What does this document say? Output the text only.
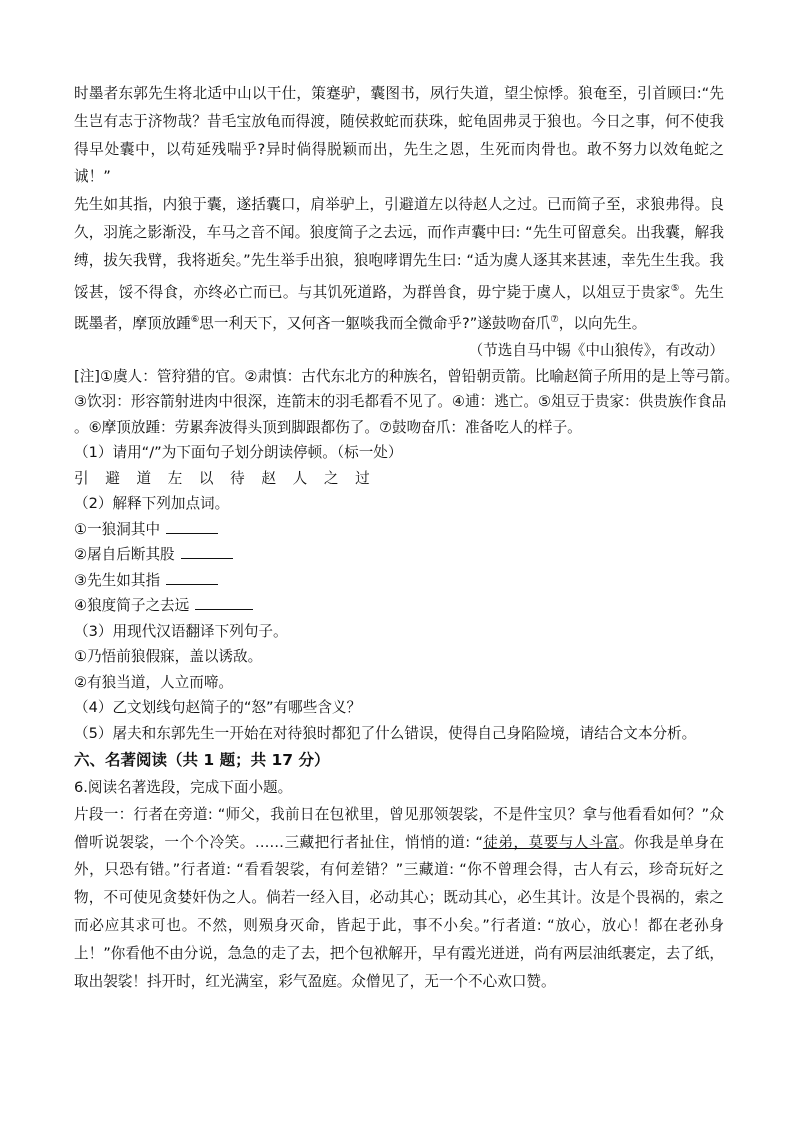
时墨者东郭先生将北适中山以干仕，策蹇驴，囊图书，夙行失道，望尘惊悸。狼奄至，引首顾曰:“先生岂有志于济物哉？昔毛宝放龟而得渡，随侯救蛇而获珠，蛇龟固弗灵于狼也。今日之事，何不使我得早处囊中，以苟延残喘乎?异时倘得脱颖而出，先生之恩，生死而肉骨也。敢不努力以效龟蛇之诚！”

先生如其指，内狼于囊，遂括囊口，肩举驴上，引避道左以待赵人之过。已而简子至，求狼弗得。良久，羽旄之影渐没，车马之音不闻。狼度简子之去远，而作声囊中曰: “先生可留意矣。出我囊，解我缚，拔矢我臂，我将逝矣。”先生举手出狼，狼咆哮谓先生曰: “适为虞人逐其来甚速，幸先生生我。我馁甚，馁不得食，亦终必亡而已。与其饥死道路，为群兽食，毋宁毙于虞人，以俎豆于贵家⑤。先生既墨者，摩顶放踵⑥思一利天下，又何吝一躯啖我而全微命乎?”遂鼓吻奋爪⑦，以向先生。

（节选自马中锡《中山狼传》，有改动）

[注]①虞人：管狩猎的官。②肃慎：古代东北方的种族名，曾铅朝贡箭。比喻赵简子所用的是上等弓箭。

③饮羽：形容箭射进肉中很深，连箭末的羽毛都看不见了。④逋：逃亡。⑤俎豆于贵家：供贵族作食品

。⑥摩顶放踵：劳累奔波得头顶到脚跟都伤了。⑦鼓吻奋爪：准备吃人的样子。

（1）请用“/”为下面句子划分朗读停顿。（标一处）

引 避 道 左 以 待 赵 人 之 过

（2）解释下列加点词。

①一狼洞其中

②屠自后断其股

③先生如其指

④狼度简子之去远

（3）用现代汉语翻译下列句子。

①乃悟前狼假寐，盖以诱敌。

②有狼当道，人立而啼。

（4）乙文划线句赵简子的“怒”有哪些含义？

（5）屠夫和东郭先生一开始在对待狼时都犯了什么错误，使得自己身陷险境，请结合文本分析。

六、名著阅读（共 1 题；共 17 分）

6.阅读名著选段，完成下面小题。

片段一：行者在旁道: “师父，我前日在包袱里，曾见那领袈裟，不是件宝贝？拿与他看看如何？”众僧听说袈裟，一个个冷笑。……三藏把行者扯住，悄悄的道: “徒弟，莫要与人斗富。你我是单身在外，只恐有错。”行者道: “看看袈裟，有何差错？”三藏道: “你不曾理会得，古人有云，珍奇玩好之物，不可使见贪婪奸伪之人。倘若一经入目，必动其心；既动其心，必生其计。汝是个畏祸的，索之而必应其求可也。不然，则殒身灭命，皆起于此，事不小矣。”行者道: “放心，放心！都在老孙身上！”你看他不由分说，急急的走了去，把个包袱解开，早有霞光迸迸，尚有两层油纸裹定，去了纸，取出袈裟！抖开时，红光满室，彩气盈庭。众僧见了，无一个不心欢口赞。
